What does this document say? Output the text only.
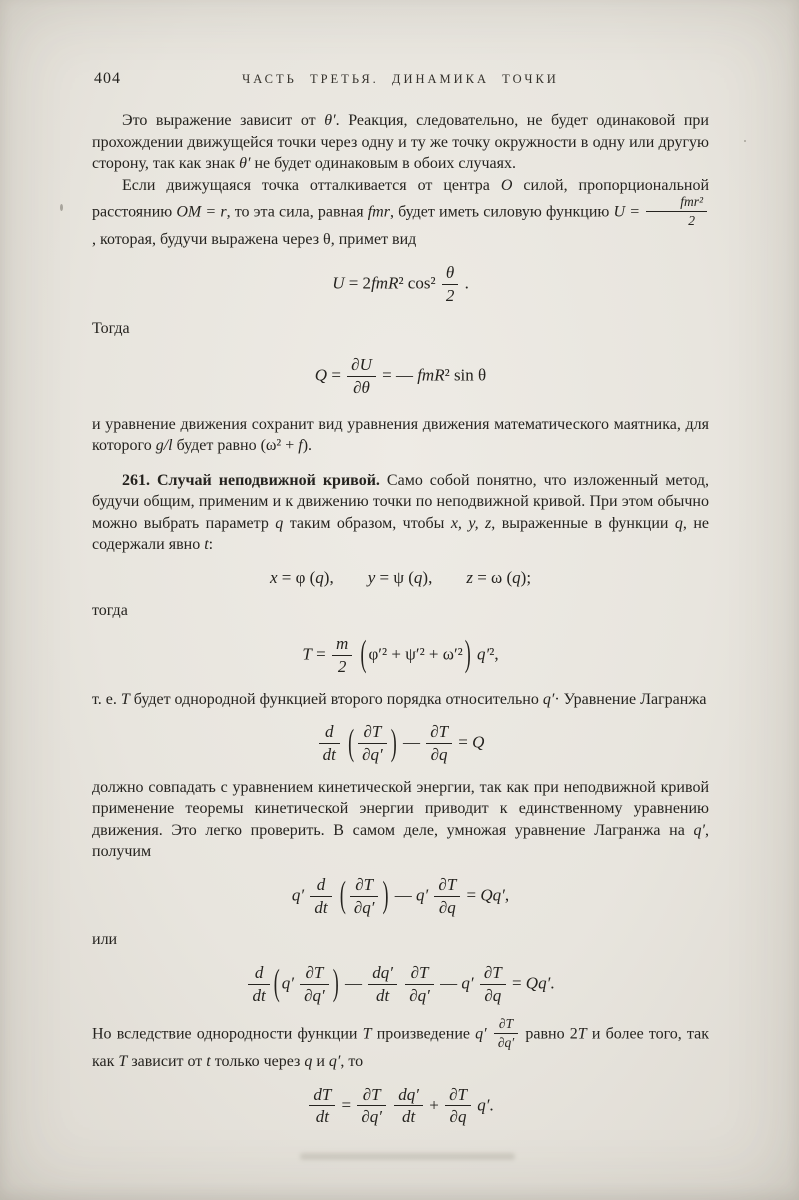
404	ЧАСТЬ ТРЕТЬЯ. ДИНАМИКА ТОЧКИ

Это выражение зависит от θ′. Реакция, следовательно, не будет одинаковой при прохождении движущейся точки через одну и ту же точку окружности в одну или другую сторону, так как знак θ′ не будет одинаковым в обоих случаях.

Если движущаяся точка отталкивается от центра O силой, пропорциональной расстоянию OM = r, то эта сила, равная fmr, будет иметь силовую функцию $U = \frac{\text{fmr²}}{2}$
, которая, будучи выражена через θ, примет вид

U = 2fmR² $\cos^2 \frac{\theta}{2}$ .

Тогда

$Q = \frac{\partial U}{\partial\theta}$ = — fmR² sin θ

и уравнение движения сохранит вид уравнения движения математического маятника, для которого g/l будет равно (ω² + f).

261. Случай неподвижной кривой. Само собой понятно, что изложенный метод, будучи общим, применим и к движению точки по неподвижной кривой. При этом обычно можно выбрать параметр q таким образом, чтобы x, y, z, выраженные в функции q, не содержали явно t:

x = φ (q),  y = ψ (q),  z = ω (q);

тогда

$T = \frac{m}{2}$ ( φ′² + ψ′² + ω′² ) q′²,

т. е. T будет однородной функцией второго порядка относительно q′· Уравнение Лагранжа

$\frac{d}{dt}$ ( $\frac{\partial T}{\partial q'}$ ) — $\frac{\partial T}{\partial q} = Q$

должно совпадать с уравнением кинетической энергии, так как при неподвижной кривой применение теоремы кинетической энергии приводит к единственному уравнению движения. Это легко проверить. В самом деле, умножая уравнение Лагранжа на q′, получим

$q' \frac{d}{dt}$ ( $\frac{\partial T}{\partial q'}$ ) — $q' \frac{\partial T}{\partial q} = Qq'$,

или

$\frac{d}{dt}$ ( $q' \frac{\partial T}{\partial q'}$ ) — $\frac{dq'}{dt}$
$\frac{\partial T}{\partial q'}$ — $q' \frac{\partial T}{\partial q} = Qq'$.

Но вследствие однородности функции T произведение $q' \frac{\partial T}{\partial q'}$ равно 2T и более того, так как T зависит от t только через q и q′, то

$\frac{dT}{dt} = \frac{\partial T}{\partial q'}$
$\frac{dq'}{dt} + \frac{\partial T}{\partial q} q'$.
